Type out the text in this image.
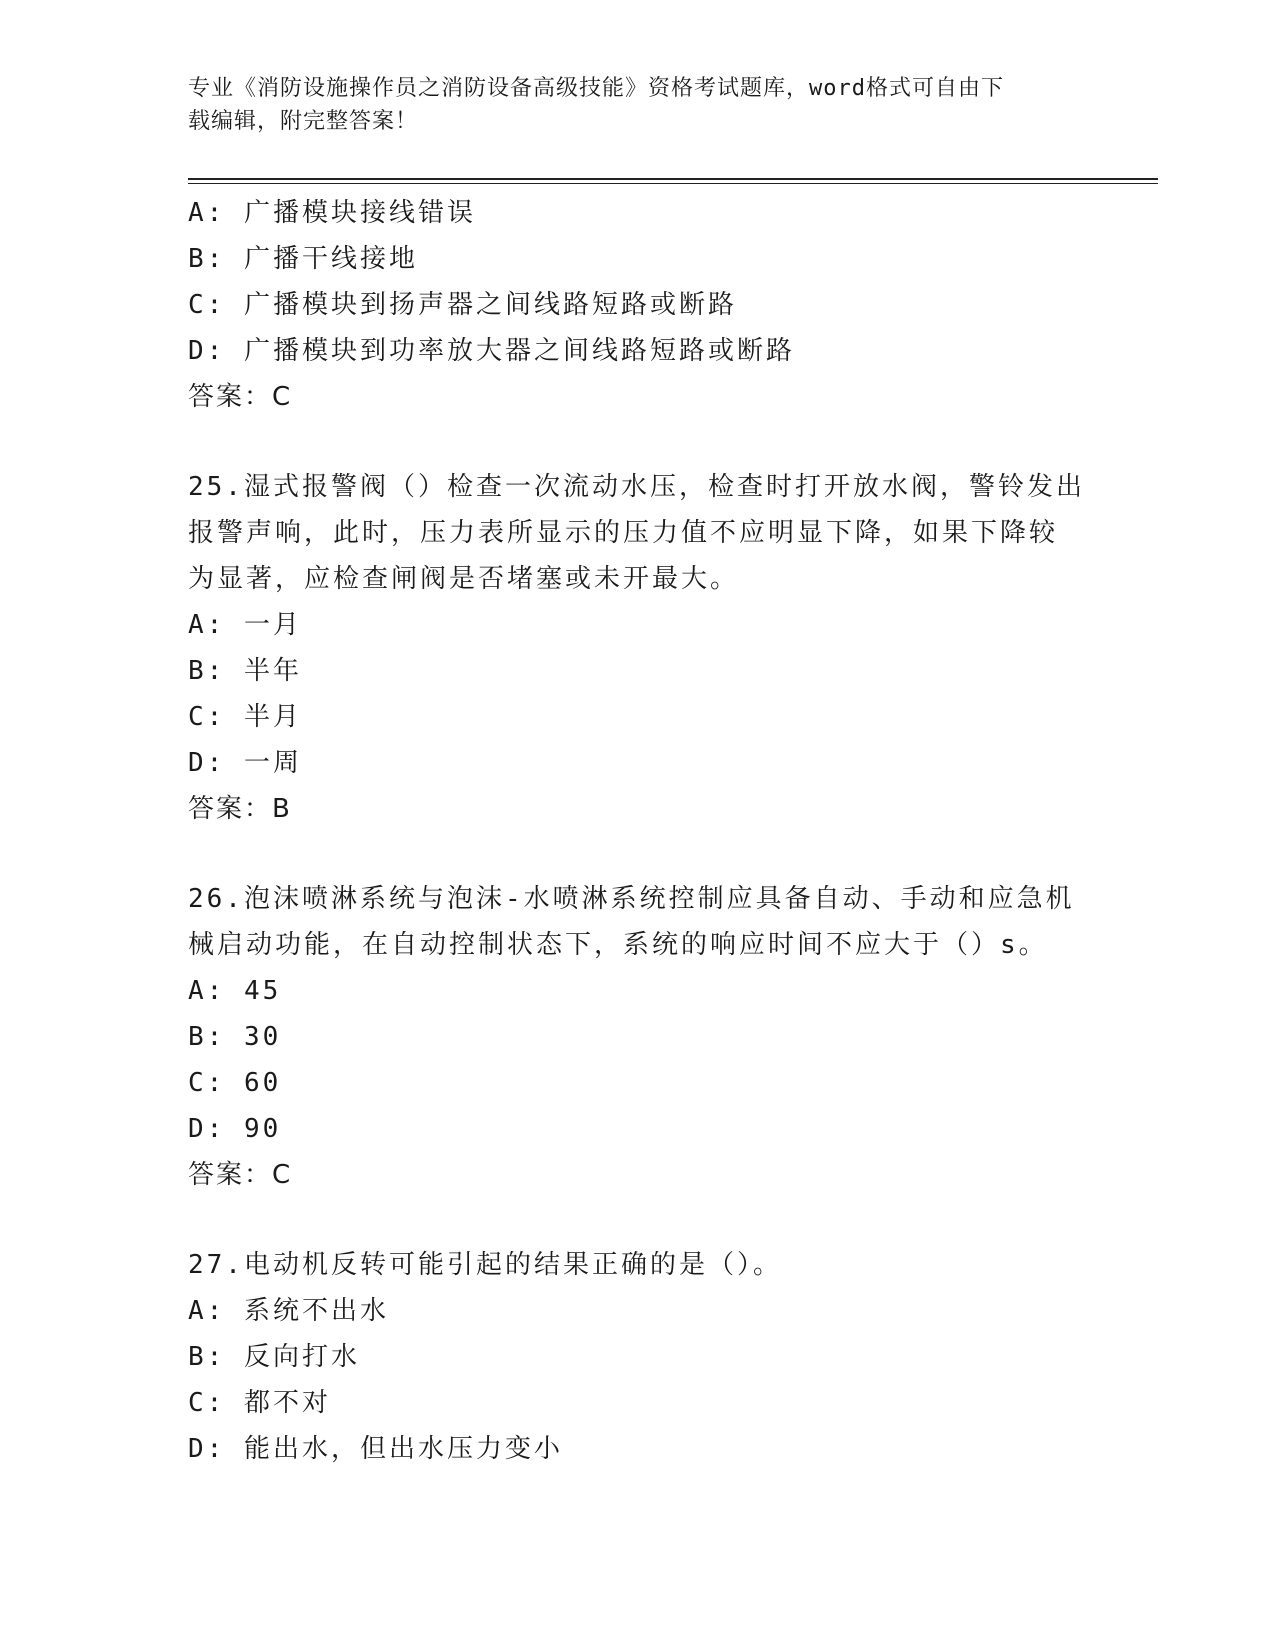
专业《消防设施操作员之消防设备高级技能》资格考试题库，word格式可自由下
载编辑，附完整答案！
A: 广播模块接线错误
B: 广播干线接地
C: 广播模块到扬声器之间线路短路或断路
D: 广播模块到功率放大器之间线路短路或断路
答案：C
25.湿式报警阀（）检查一次流动水压，检查时打开放水阀，警铃发出
报警声响，此时，压力表所显示的压力值不应明显下降，如果下降较
为显著，应检查闸阀是否堵塞或未开最大。
A: 一月
B: 半年
C: 半月
D: 一周
答案：B
26.泡沫喷淋系统与泡沫-水喷淋系统控制应具备自动、手动和应急机
械启动功能，在自动控制状态下，系统的响应时间不应大于（）s。
A: 45
B: 30
C: 60
D: 90
答案：C
27.电动机反转可能引起的结果正确的是（）。
A: 系统不出水
B: 反向打水
C: 都不对
D: 能出水，但出水压力变小
